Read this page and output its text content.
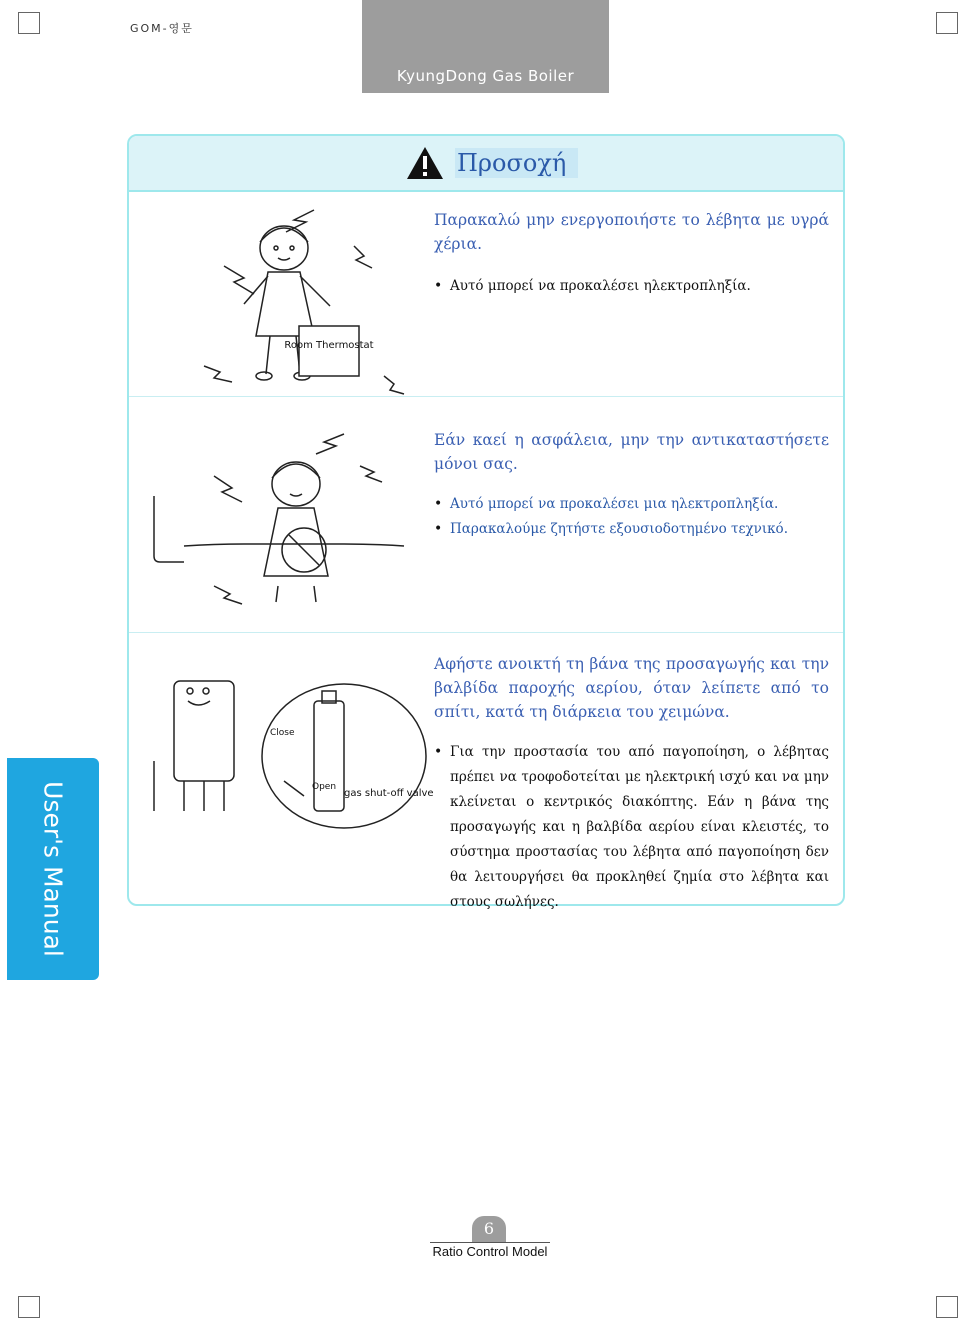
GOM-영문
KyungDong Gas Boiler
Προσοχή
Παρακαλώ μην ενεργοποιήστε το λέβητα με υγρά χέρια.
• Αυτό μπορεί να προκαλέσει ηλεκτροπληξία.
Room Thermostat
Εάν καεί η ασφάλεια, μην την αντικαταστήσετε μόνοι σας.
• Αυτό μπορεί να προκαλέσει μια ηλεκτροπληξία.
• Παρακαλούμε ζητήστε εξουσιοδοτημένο τεχνικό.
Αφήστε ανοικτή τη βάνα της προσαγωγής και την βαλβίδα παροχής αερίου, όταν λείπετε από το σπίτι, κατά τη διάρκεια του χειμώνα.
• Για την προστασία του από παγοποίηση, ο λέβητας πρέπει να τροφοδοτείται με ηλεκτρική ισχύ και να μην κλείνεται ο κεντρικός διακόπτης. Εάν η βάνα της προσαγωγής και η βαλβίδα αερίου είναι κλειστές, το σύστημα προστασίας του λέβητα από παγοποίηση δεν θα λειτουργήσει θα προκληθεί ζημία στο λέβητα και στους σωλήνες.
Close
Open
gas shut-off valve
User's Manual
6
Ratio Control Model
